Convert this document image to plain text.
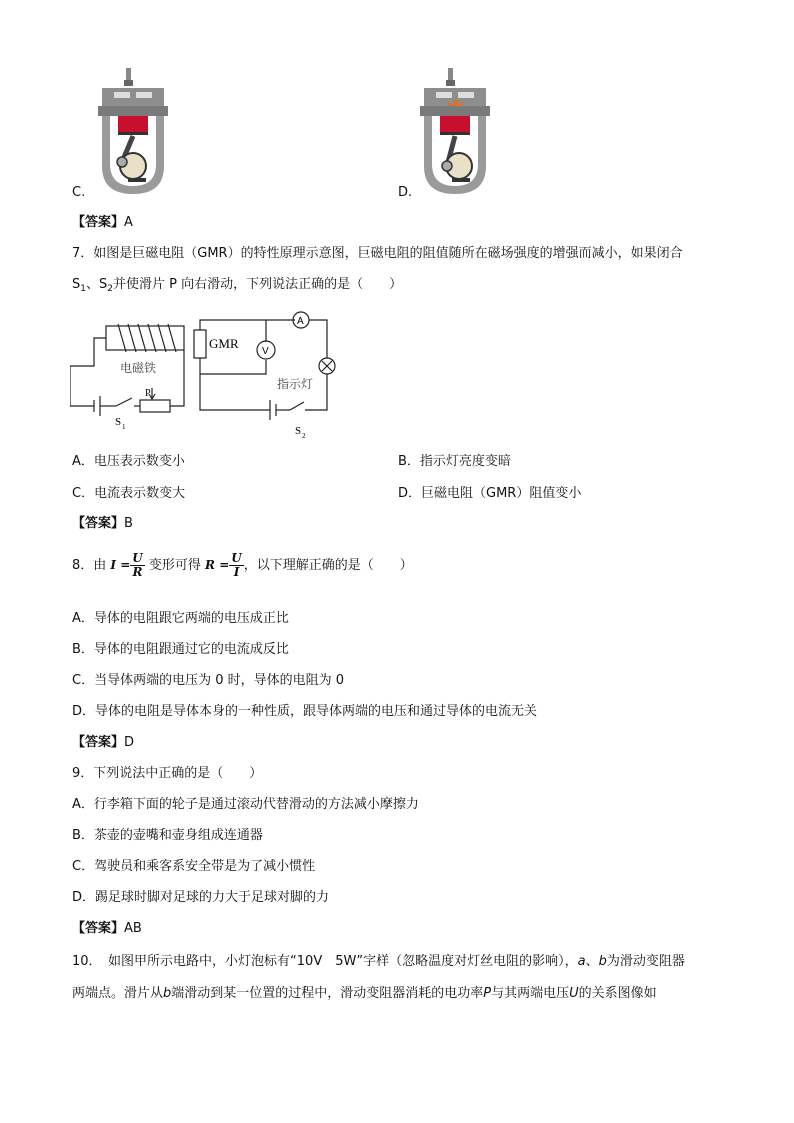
C.	D.
【答案】A
7．如图是巨磁电阻（GMR）的特性原理示意图，巨磁电阻的阻值随所在磁场强度的增强而减小，如果闭合
$S_1$、$S_2$并使滑片 P 向右滑动，下列说法正确的是（　　）
GMR
A
V
电磁铁
指示灯
P
S 1	S 2
A．电压表示数变小	B．指示灯亮度变暗
C．电流表示数变大	D．巨磁电阻（GMR）阻值变小
【答案】B
8．由 $I = \frac{U}{R}$ 变形可得 $R = \frac{U}{I}$ ，以下理解正确的是（　　）
A．导体的电阻跟它两端的电压成正比
B．导体的电阻跟通过它的电流成反比
C．当导体两端的电压为 0 时，导体的电阻为 0
D．导体的电阻是导体本身的一种性质，跟导体两端的电压和通过导体的电流无关
【答案】D
9．下列说法中正确的是（　　）
A．行李箱下面的轮子是通过滚动代替滑动的方法减小摩擦力
B．茶壶的壶嘴和壶身组成连通器
C．驾驶员和乘客系安全带是为了减小惯性
D．踢足球时脚对足球的力大于足球对脚的力
【答案】AB
10．　如图甲所示电路中，小灯泡标有“10V　5W”字样（忽略温度对灯丝电阻的影响），a、b为滑动变阻器
两端点。滑片从b端滑动到某一位置的过程中，滑动变阻器消耗的电功率P与其两端电压U的关系图像如
